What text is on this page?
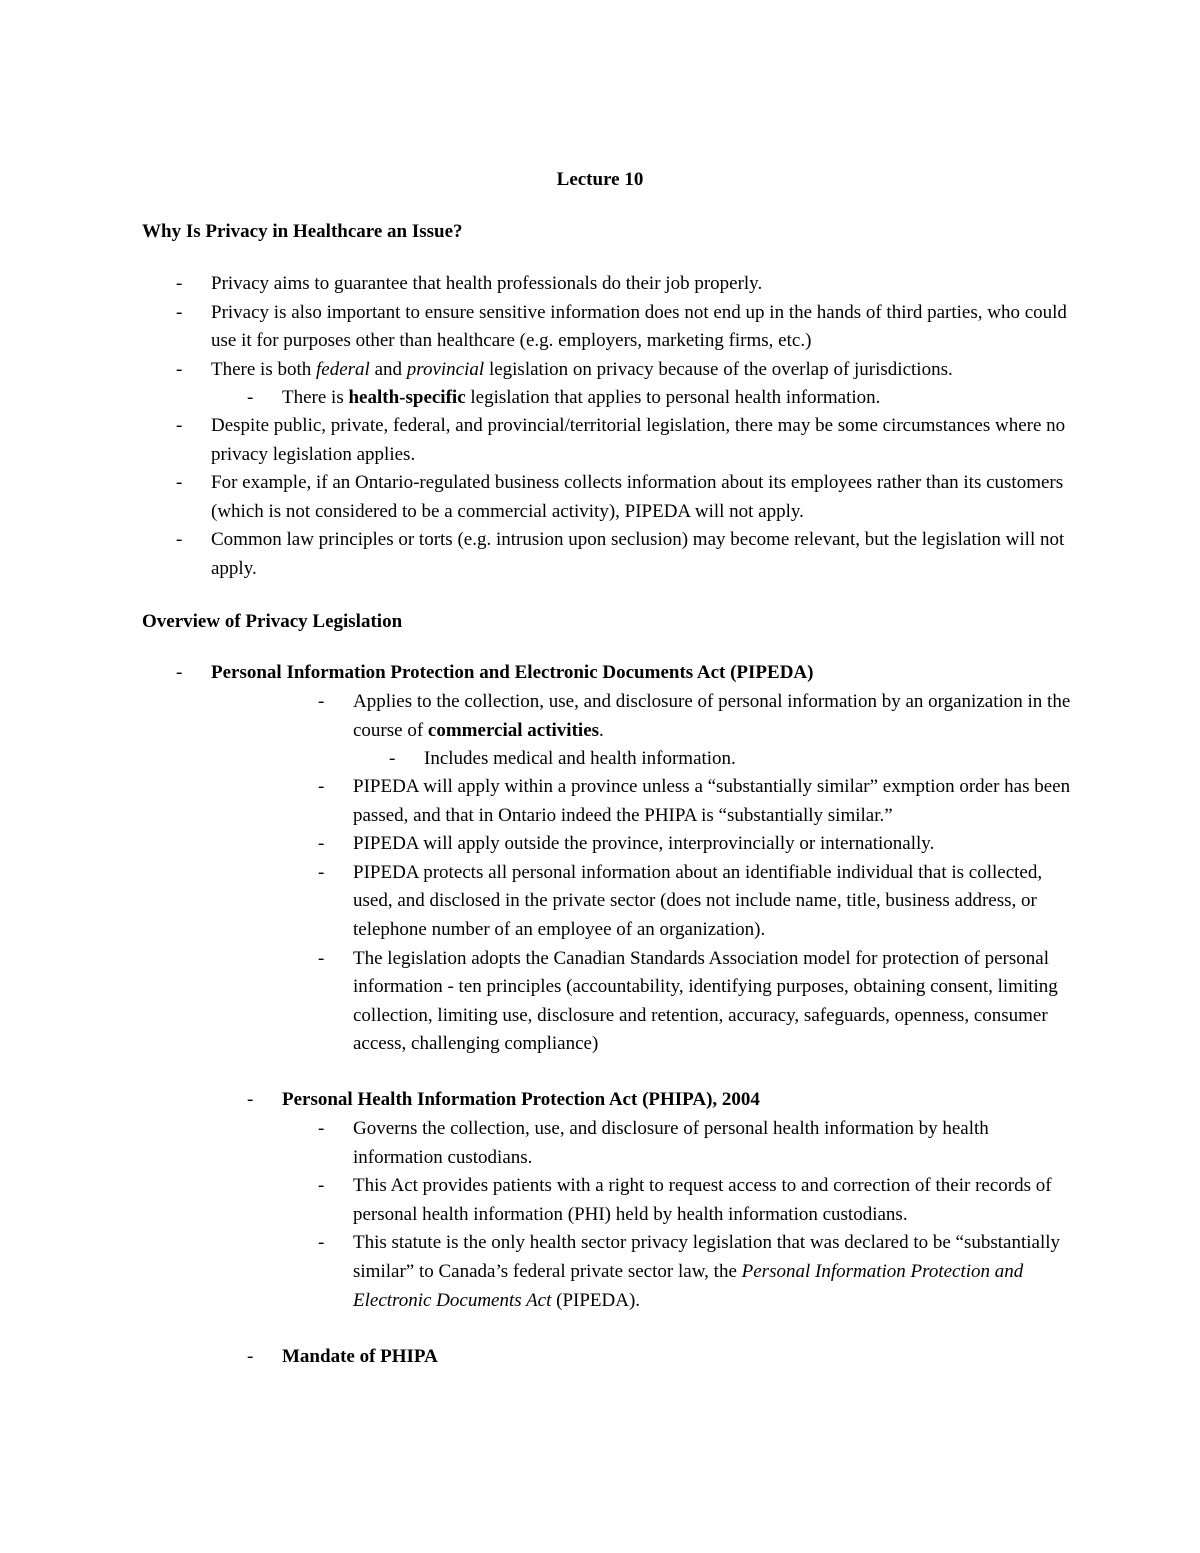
Lecture 10
Why Is Privacy in Healthcare an Issue?
- Privacy aims to guarantee that health professionals do their job properly.
- Privacy is also important to ensure sensitive information does not end up in the hands of third parties, who could use it for purposes other than healthcare (e.g. employers, marketing firms, etc.)
- There is both federal and provincial legislation on privacy because of the overlap of jurisdictions.
- There is health-specific legislation that applies to personal health information.
- Despite public, private, federal, and provincial/territorial legislation, there may be some circumstances where no privacy legislation applies.
- For example, if an Ontario-regulated business collects information about its employees rather than its customers (which is not considered to be a commercial activity), PIPEDA will not apply.
- Common law principles or torts (e.g. intrusion upon seclusion) may become relevant, but the legislation will not apply.
Overview of Privacy Legislation
- Personal Information Protection and Electronic Documents Act (PIPEDA)
- Applies to the collection, use, and disclosure of personal information by an organization in the course of commercial activities.
- Includes medical and health information.
- PIPEDA will apply within a province unless a “substantially similar” exmption order has been passed, and that in Ontario indeed the PHIPA is “substantially similar.”
- PIPEDA will apply outside the province, interprovincially or internationally.
- PIPEDA protects all personal information about an identifiable individual that is collected, used, and disclosed in the private sector (does not include name, title, business address, or telephone number of an employee of an organization).
- The legislation adopts the Canadian Standards Association model for protection of personal information - ten principles (accountability, identifying purposes, obtaining consent, limiting collection, limiting use, disclosure and retention, accuracy, safeguards, openness, consumer access, challenging compliance)
- Personal Health Information Protection Act (PHIPA), 2004
- Governs the collection, use, and disclosure of personal health information by health information custodians.
- This Act provides patients with a right to request access to and correction of their records of personal health information (PHI) held by health information custodians.
- This statute is the only health sector privacy legislation that was declared to be “substantially similar” to Canada’s federal private sector law, the Personal Information Protection and Electronic Documents Act (PIPEDA).
- Mandate of PHIPA
